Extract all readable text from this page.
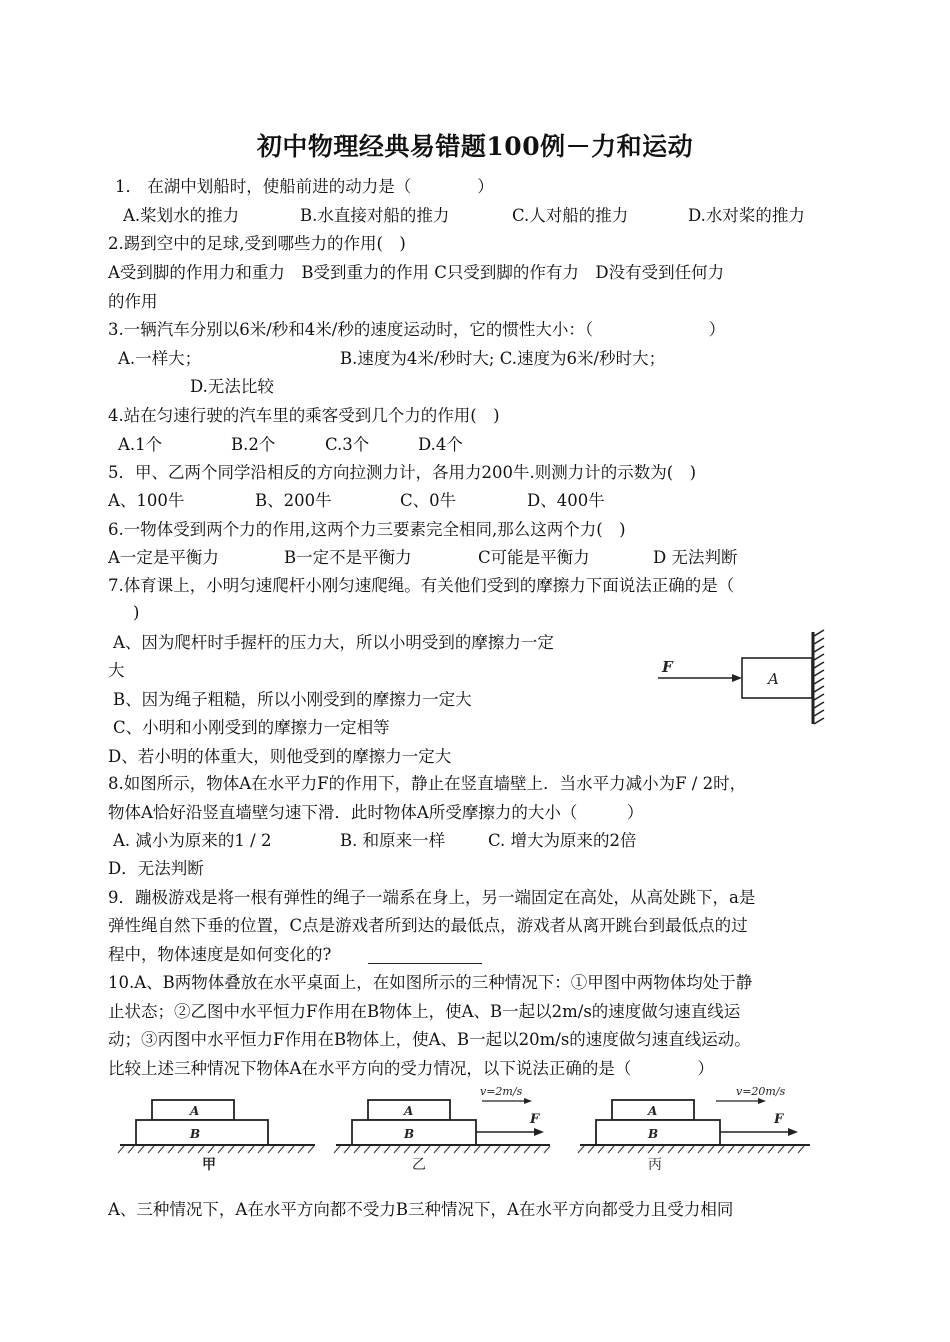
初中物理经典易错题100例－力和运动
1． 在湖中划船时，使船前进的动力是（　　　　）
A.桨划水的推力	B.水直接对船的推力	C.人对船的推力	D.水对桨的推力
2.踢到空中的足球,受到哪些力的作用(　)
A受到脚的作用力和重力　B受到重力的作用 C只受到脚的作有力　D没有受到任何力
的作用
3.一辆汽车分别以6米/秒和4米/秒的速度运动时，它的惯性大小：（　　　　　　　）
A.一样大；	B.速度为4米/秒时大; C.速度为6米/秒时大；
D.无法比较
4.站在匀速行驶的汽车里的乘客受到几个力的作用(　)
A.1个	B.2个	C.3个	D.4个
5．甲、乙两个同学沿相反的方向拉测力计，各用力200牛.则测力计的示数为(　)
A、100牛	B、200牛	C、0牛	D、400牛
6.一物体受到两个力的作用,这两个力三要素完全相同,那么这两个力(　)
A一定是平衡力	B一定不是平衡力	C可能是平衡力	D 无法判断
7.体育课上，小明匀速爬杆小刚匀速爬绳。有关他们受到的摩擦力下面说法正确的是（
)
A、因为爬杆时手握杆的压力大，所以小明受到的摩擦力一定
大
B、因为绳子粗糙，所以小刚受到的摩擦力一定大
C、小明和小刚受到的摩擦力一定相等
D、若小明的体重大，则他受到的摩擦力一定大
A
F
8.如图所示，物体A在水平力F的作用下，静止在竖直墙壁上．当水平力减小为F / 2时，
物体A恰好沿竖直墙壁匀速下滑．此时物体A所受摩擦力的大小（　　　）
A. 减小为原来的1 / 2	B. 和原来一样	C. 增大为原来的2倍
D．无法判断
9．蹦极游戏是将一根有弹性的绳子一端系在身上，另一端固定在高处，从高处跳下，a是
弹性绳自然下垂的位置，C点是游戏者所到达的最低点，游戏者从离开跳台到最低点的过
程中，物体速度是如何变化的?
10.A、B两物体叠放在水平桌面上，在如图所示的三种情况下：①甲图中两物体均处于静
止状态；②乙图中水平恒力F作用在B物体上，使A、B一起以2m/s的速度做匀速直线运
动；③丙图中水平恒力F作用在B物体上，使A、B一起以20m/s的速度做匀速直线运动。
比较上述三种情况下物体A在水平方向的受力情况，以下说法正确的是（　　　　）
A
B
甲
A
B
v=2m/s
F
乙
A
B
v=20m/s
F
丙
A、三种情况下，A在水平方向都不受力B三种情况下，A在水平方向都受力且受力相同
